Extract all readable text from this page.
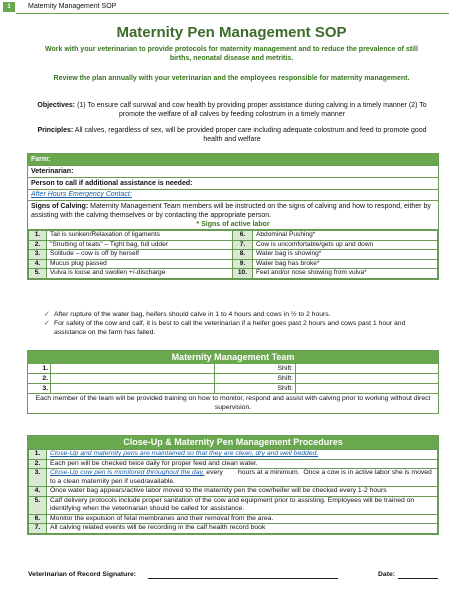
1	Maternity Management SOP
Maternity Pen Management SOP
Work with your veterinarian to provide protocols for maternity management and to reduce the prevalence of still births, neonatal disease and metritis.
Review the plan annually with your veterinarian and the employees responsible for maternity management.
Objectives: (1) To ensure calf survival and cow health by providing proper assistance during calving in a timely manner (2) To promote the welfare of all calves by feeding colostrum in a timely manner
Principles: All calves, regardless of sex, will be provided proper care including adequate colostrum and feed to promote good health and welfare
Farm:
Veterinarian:
Person to call if additional assistance is needed:
After Hours Emergency Contact:
Signs of Calving: Maternity Management Team members will be instructed on the signs of calving and how to respond, either by assisting with the calving themselves or by contacting the appropriate person.
* Signs of active labor
1.	Tail is sunken/Relaxation of ligaments	6.	Abdominal Pushing*
2.	"Strutting of teats" – Tight bag, full udder	7.	Cow is uncomfortable/gets up and down
3.	Solitude – cow is off by herself	8.	Water bag is showing*
4.	Mucus plug passed	9.	Water bag has broke*
5.	Vulva is loose and swollen +/-discharge	10.	Feet and/or nose showing from vulva*
✓ After rupture of the water bag, heifers should calve in 1 to 4 hours and cows in ½ to 2 hours.
✓ For safety of the cow and calf, it is best to call the veterinarian if a heifer goes past 2 hours and cows past 1 hour and assistance on the farm has failed.
Maternity Management Team
1.	Shift:
2.	Shift:
3.	Shift:
Each member of the team will be provided training on how to monitor, respond and assist with calving prior to working without direct supervision.
Close-Up & Maternity Pen Management Procedures
1.	Close-Up and maternity pens are maintained so that they are clean, dry and well bedded.
2.	Each pen will be checked twice daily for proper feed and clean water.
3.	Close-Up cow pen is monitored throughout the day, every        hours at a minimum.  Once a cow is in active labor she is moved to a clean maternity pen if used/available.
4.	Once water bag appears/active labor moved to the maternity pen the cow/heifer will be checked every 1-2 hours
5.	Calf delivery protocols include proper sanitation of the cow and equipment prior to assisting. Employees will be trained on identifying when the veterinarian should be called for assistance.
6.	Monitor the expulsion of fetal membranes and their removal from the area.
7.	All calving related events will be recording in the calf health record book
Veterinarian of Record Signature:	Date:
